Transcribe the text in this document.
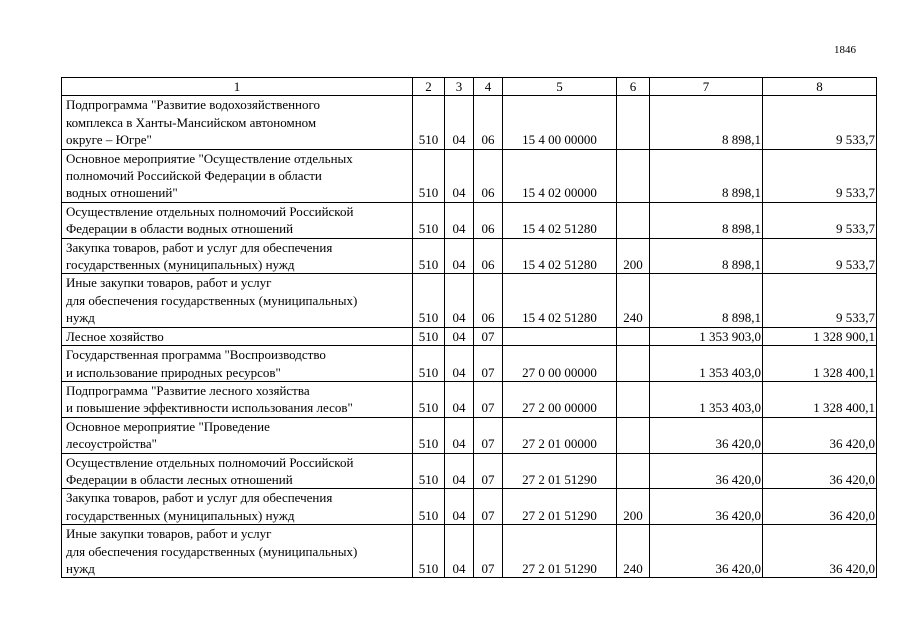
1846
1	2	3	4	5	6	7	8

Подпрограмма "Развитие водохозяйственного
комплекса в Ханты-Мансийском автономном
округе – Югре"	510	04	06	15 4 00 00000		8 898,1	9 533,7

Основное мероприятие "Осуществление отдельных
полномочий Российской Федерации в области
водных отношений"	510	04	06	15 4 02 00000		8 898,1	9 533,7

Осуществление отдельных полномочий Российской
Федерации в области водных отношений	510	04	06	15 4 02 51280		8 898,1	9 533,7

Закупка товаров, работ и услуг для обеспечения
государственных (муниципальных) нужд	510	04	06	15 4 02 51280	200	8 898,1	9 533,7

Иные закупки товаров, работ и услуг
для обеспечения государственных (муниципальных)
нужд	510	04	06	15 4 02 51280	240	8 898,1	9 533,7

Лесное хозяйство	510	04	07			1 353 903,0	1 328 900,1

Государственная программа "Воспроизводство
и использование природных ресурсов"	510	04	07	27 0 00 00000		1 353 403,0	1 328 400,1

Подпрограмма "Развитие лесного хозяйства
и повышение эффективности использования лесов"	510	04	07	27 2 00 00000		1 353 403,0	1 328 400,1

Основное мероприятие "Проведение
лесоустройства"	510	04	07	27 2 01 00000		36 420,0	36 420,0

Осуществление отдельных полномочий Российской
Федерации в области лесных отношений	510	04	07	27 2 01 51290		36 420,0	36 420,0

Закупка товаров, работ и услуг для обеспечения
государственных (муниципальных) нужд	510	04	07	27 2 01 51290	200	36 420,0	36 420,0

Иные закупки товаров, работ и услуг
для обеспечения государственных (муниципальных)
нужд	510	04	07	27 2 01 51290	240	36 420,0	36 420,0
